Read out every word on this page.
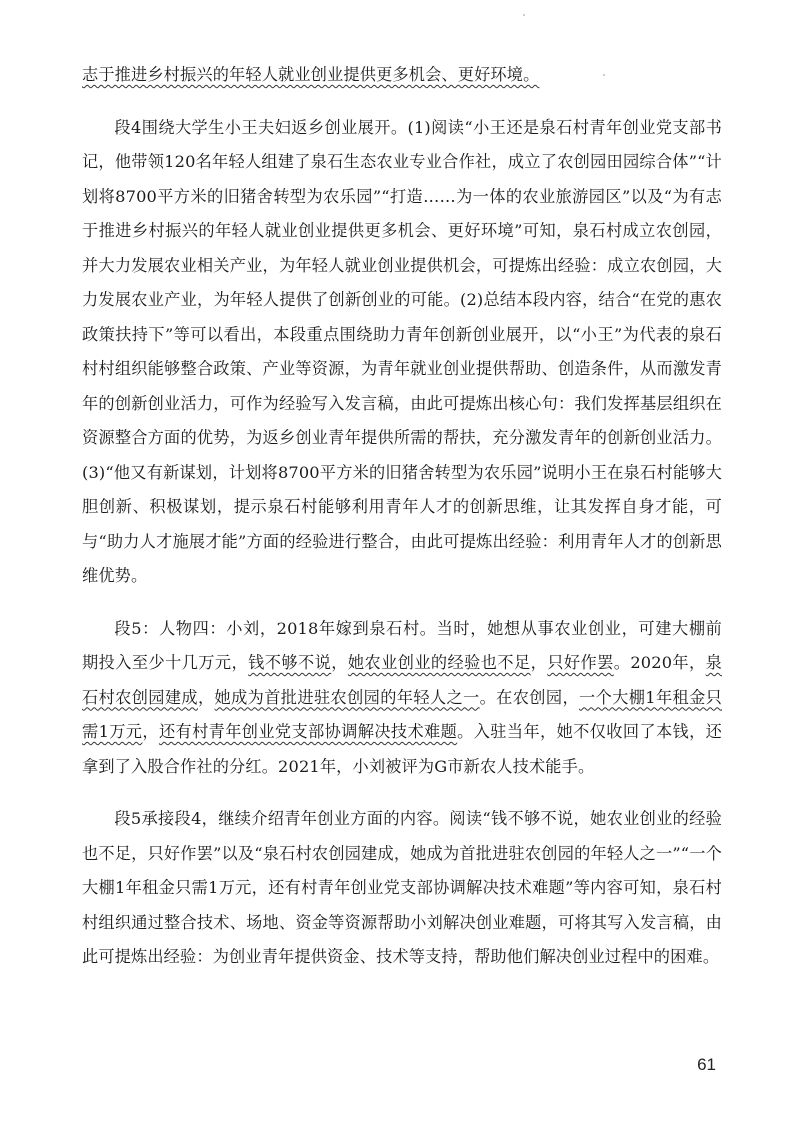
志于推进乡村振兴的年轻人就业创业提供更多机会、更好环境。

段4围绕大学生小王夫妇返乡创业展开。(1)阅读“小王还是泉石村青年创业党支部书记，他带领120名年轻人组建了泉石生态农业专业合作社，成立了农创园田园综合体”“计划将8700平方米的旧猪舍转型为农乐园”“打造……为一体的农业旅游园区”以及“为有志于推进乡村振兴的年轻人就业创业提供更多机会、更好环境”可知，泉石村成立农创园，并大力发展农业相关产业，为年轻人就业创业提供机会，可提炼出经验：成立农创园，大力发展农业产业，为年轻人提供了创新创业的可能。(2)总结本段内容，结合“在党的惠农政策扶持下”等可以看出，本段重点围绕助力青年创新创业展开，以“小王”为代表的泉石村村组织能够整合政策、产业等资源，为青年就业创业提供帮助、创造条件，从而激发青年的创新创业活力，可作为经验写入发言稿，由此可提炼出核心句：我们发挥基层组织在资源整合方面的优势，为返乡创业青年提供所需的帮扶，充分激发青年的创新创业活力。(3)“他又有新谋划，计划将8700平方米的旧猪舍转型为农乐园”说明小王在泉石村能够大胆创新、积极谋划，提示泉石村能够利用青年人才的创新思维，让其发挥自身才能，可与“助力人才施展才能”方面的经验进行整合，由此可提炼出经验：利用青年人才的创新思维优势。

段5：人物四：小刘，2018年嫁到泉石村。当时，她想从事农业创业，可建大棚前期投入至少十几万元，钱不够不说，她农业创业的经验也不足，只好作罢。2020年，泉石村农创园建成，她成为首批进驻农创园的年轻人之一。在农创园，一个大棚1年租金只需1万元，还有村青年创业党支部协调解决技术难题。入驻当年，她不仅收回了本钱，还拿到了入股合作社的分红。2021年，小刘被评为G市新农人技术能手。

段5承接段4，继续介绍青年创业方面的内容。阅读“钱不够不说，她农业创业的经验也不足，只好作罢”以及“泉石村农创园建成，她成为首批进驻农创园的年轻人之一”“一个大棚1年租金只需1万元，还有村青年创业党支部协调解决技术难题”等内容可知，泉石村村组织通过整合技术、场地、资金等资源帮助小刘解决创业难题，可将其写入发言稿，由此可提炼出经验：为创业青年提供资金、技术等支持，帮助他们解决创业过程中的困难。

61
